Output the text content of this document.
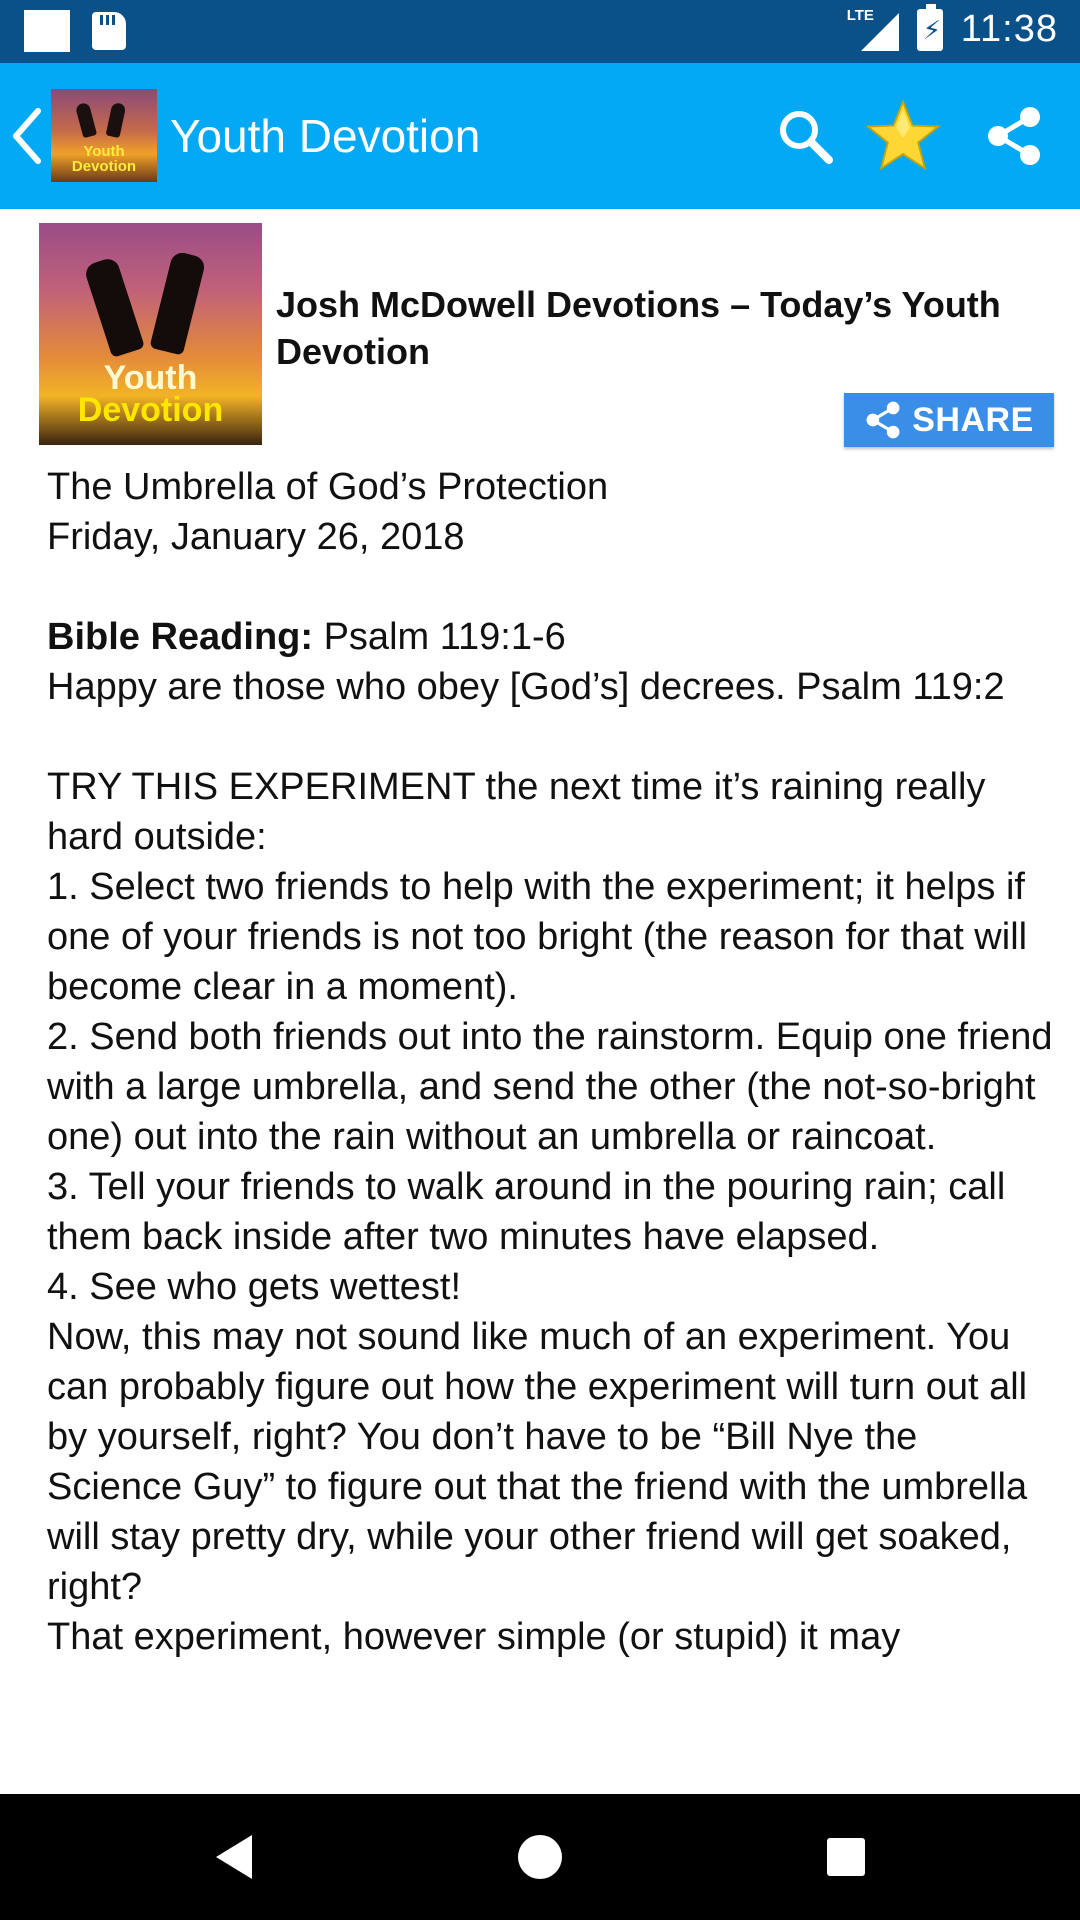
LTE ⚡ 11:38
Youth Devotion
Youth Devotion
Youth
Devotion
Josh McDowell Devotions – Today’s Youth Devotion
SHARE

The Umbrella of God’s Protection

Friday, January 26, 2018

Bible Reading: Psalm 119:1-6

Happy are those who obey [God’s] decrees. Psalm 119:2

TRY THIS EXPERIMENT the next time it’s raining really hard outside:

1. Select two friends to help with the experiment; it helps if one of your friends is not too bright (the reason for that will become clear in a moment).

2. Send both friends out into the rainstorm. Equip one friend with a large umbrella, and send the other (the not-so-bright one) out into the rain without an umbrella or raincoat.

3. Tell your friends to walk around in the pouring rain; call them back inside after two minutes have elapsed.

4. See who gets wettest!

Now, this may not sound like much of an experiment. You can probably figure out how the experiment will turn out all by yourself, right? You don’t have to be “Bill Nye the Science Guy” to figure out that the friend with the umbrella will stay pretty dry, while your other friend will get soaked, right?

That experiment, however simple (or stupid) it may
